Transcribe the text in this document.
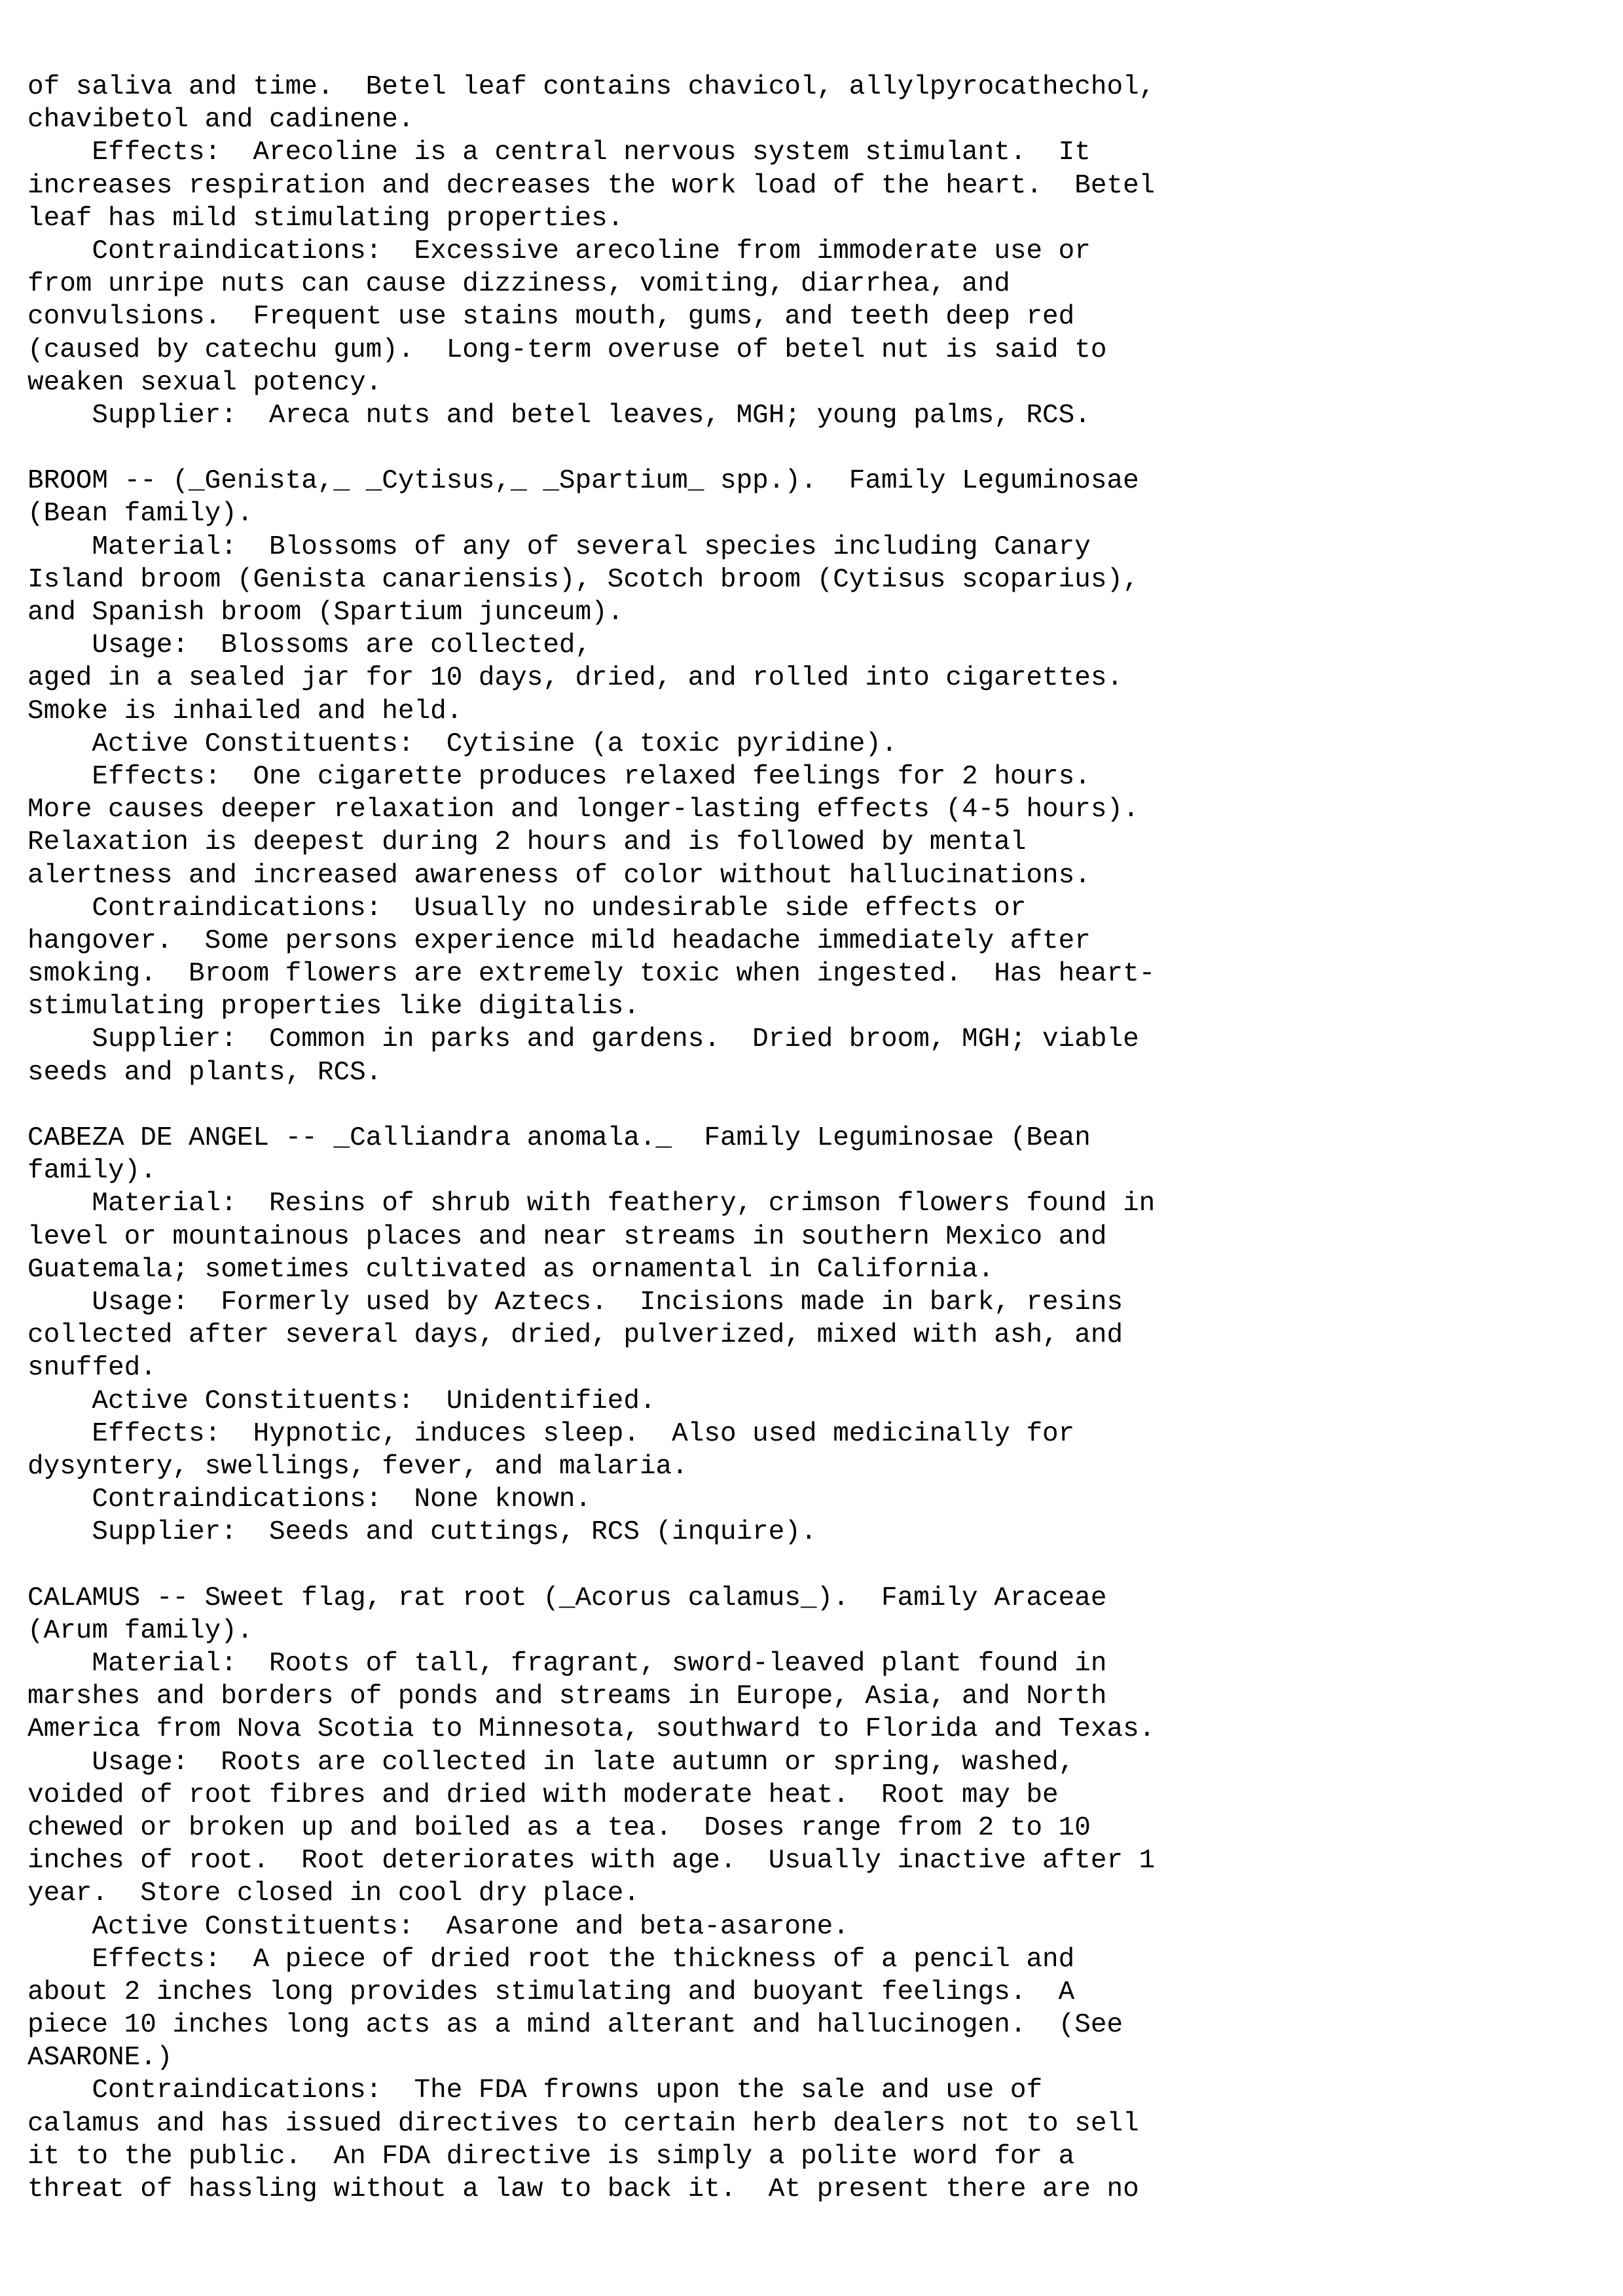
of saliva and time.  Betel leaf contains chavicol, allylpyrocathechol,
chavibetol and cadinene.
Effects:  Arecoline is a central nervous system stimulant.  It
increases respiration and decreases the work load of the heart.  Betel
leaf has mild stimulating properties.
Contraindications:  Excessive arecoline from immoderate use or
from unripe nuts can cause dizziness, vomiting, diarrhea, and
convulsions.  Frequent use stains mouth, gums, and teeth deep red
(caused by catechu gum).  Long-term overuse of betel nut is said to
weaken sexual potency.
Supplier:  Areca nuts and betel leaves, MGH; young palms, RCS.
BROOM -- (_Genista,_ _Cytisus,_ _Spartium_ spp.).  Family Leguminosae
(Bean family).
Material:  Blossoms of any of several species including Canary
Island broom (Genista canariensis), Scotch broom (Cytisus scoparius),
and Spanish broom (Spartium junceum).
Usage:  Blossoms are collected,
aged in a sealed jar for 10 days, dried, and rolled into cigarettes.
Smoke is inhailed and held.
Active Constituents:  Cytisine (a toxic pyridine).
Effects:  One cigarette produces relaxed feelings for 2 hours.
More causes deeper relaxation and longer-lasting effects (4-5 hours).
Relaxation is deepest during 2 hours and is followed by mental
alertness and increased awareness of color without hallucinations.
Contraindications:  Usually no undesirable side effects or
hangover.  Some persons experience mild headache immediately after
smoking.  Broom flowers are extremely toxic when ingested.  Has heart-
stimulating properties like digitalis.
Supplier:  Common in parks and gardens.  Dried broom, MGH; viable
seeds and plants, RCS.
CABEZA DE ANGEL -- _Calliandra anomala._  Family Leguminosae (Bean
family).
Material:  Resins of shrub with feathery, crimson flowers found in
level or mountainous places and near streams in southern Mexico and
Guatemala; sometimes cultivated as ornamental in California.
Usage:  Formerly used by Aztecs.  Incisions made in bark, resins
collected after several days, dried, pulverized, mixed with ash, and
snuffed.
Active Constituents:  Unidentified.
Effects:  Hypnotic, induces sleep.  Also used medicinally for
dysyntery, swellings, fever, and malaria.
Contraindications:  None known.
Supplier:  Seeds and cuttings, RCS (inquire).
CALAMUS -- Sweet flag, rat root (_Acorus calamus_).  Family Araceae
(Arum family).
Material:  Roots of tall, fragrant, sword-leaved plant found in
marshes and borders of ponds and streams in Europe, Asia, and North
America from Nova Scotia to Minnesota, southward to Florida and Texas.
Usage:  Roots are collected in late autumn or spring, washed,
voided of root fibres and dried with moderate heat.  Root may be
chewed or broken up and boiled as a tea.  Doses range from 2 to 10
inches of root.  Root deteriorates with age.  Usually inactive after 1
year.  Store closed in cool dry place.
Active Constituents:  Asarone and beta-asarone.
Effects:  A piece of dried root the thickness of a pencil and
about 2 inches long provides stimulating and buoyant feelings.  A
piece 10 inches long acts as a mind alterant and hallucinogen.  (See
ASARONE.)
Contraindications:  The FDA frowns upon the sale and use of
calamus and has issued directives to certain herb dealers not to sell
it to the public.  An FDA directive is simply a polite word for a
threat of hassling without a law to back it.  At present there are no
